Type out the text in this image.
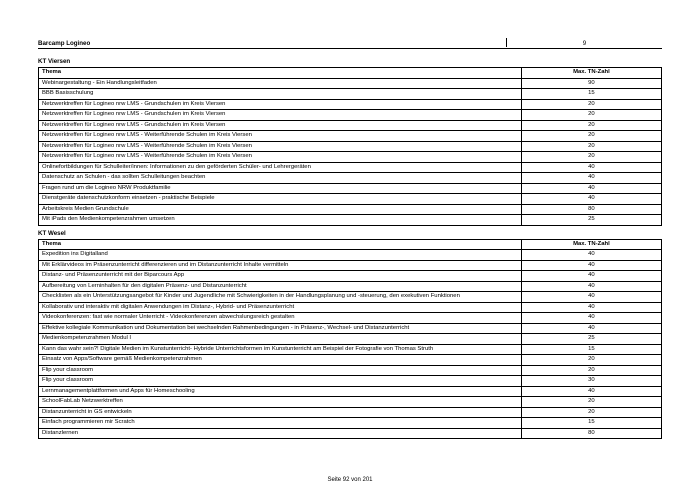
Barcamp Logineo	9
KT Viersen
Thema	Max. TN-Zahl
Webinargestaltung - Ein Handlungsleitfaden	90
BBB Basisschulung	15
Netzwerktreffen für Logineo nrw LMS - Grundschulen im Kreis Viersen	20
Netzwerktreffen für Logineo nrw LMS - Grundschulen im Kreis Viersen	20
Netzwerktreffen für Logineo nrw LMS - Grundschulen im Kreis Viersen	20
Netzwerktreffen für Logineo nrw LMS - Weiterführende Schulen im Kreis Viersen	20
Netzwerktreffen für Logineo nrw LMS - Weiterführende Schulen im Kreis Viersen	20
Netzwerktreffen für Logineo nrw LMS - Weiterführende Schulen im Kreis Viersen	20
Onlinefortbildungen für Schulleiter/innen: Informationen zu den geförderten Schüler- und Lehrergeräten	40
Datenschutz an Schulen - das sollten Schulleitungen beachten	40
Fragen rund um die Logineo NRW Produktfamilie	40
Dienstgeräte datenschutzkonform einsetzen - praktische Beispiele	40
Arbeitskreis Medien Grundschule	80
Mit iPads den Medienkompetenzrahmen umsetzen	25
KT Wesel
Thema	Max. TN-Zahl
Expedition ins Digitalland	40
Mit Erklärvideos im Präsenzunterricht differenzieren und im Distanzunterricht Inhalte vermitteln	40
Distanz- und Präsenzunterricht mit der Biparcours App	40
Aufbereitung von Lerninhalten für den digitalen Präsenz- und Distanzunterricht	40
Checklisten als ein Unterstützungsangebot für Kinder und Jugendliche mit Schwierigkeiten in der Handlungsplanung und -steuerung, den exekutiven Funktionen	40
Kollaborativ und interaktiv mit digitalen Anwendungen im Distanz-, Hybrid- und Präsenzunterricht	40
Videokonferenzen: fast wie normaler Unterricht - Videokonferenzen abwechslungsreich gestalten	40
Effektive kollegiale Kommunikation und Dokumentation bei wechselnden Rahmenbedingungen - in Präsenz-, Wechsel- und Distanzunterricht	40
Medienkompetenzrahmen Modul I	25
Kann das wahr sein?! Digitale Medien im Kunstunterricht- Hybride Unterrichtsformen im Kunstunterricht am Beispiel der Fotografie von Thomas Struth	15
Einsatz von Apps/Software gemäß Medienkompetenzrahmen	20
Flip your classroom	20
Flip your classroom	30
Lernmanagementplattformen und Apps für Homeschooling	40
SchoolFabLab Netzwerktreffen	20
Distanzunterricht in GS entwickeln	20
Einfach programmieren mir Scratch	15
Distanzlernen	80
Seite 92 von 201
